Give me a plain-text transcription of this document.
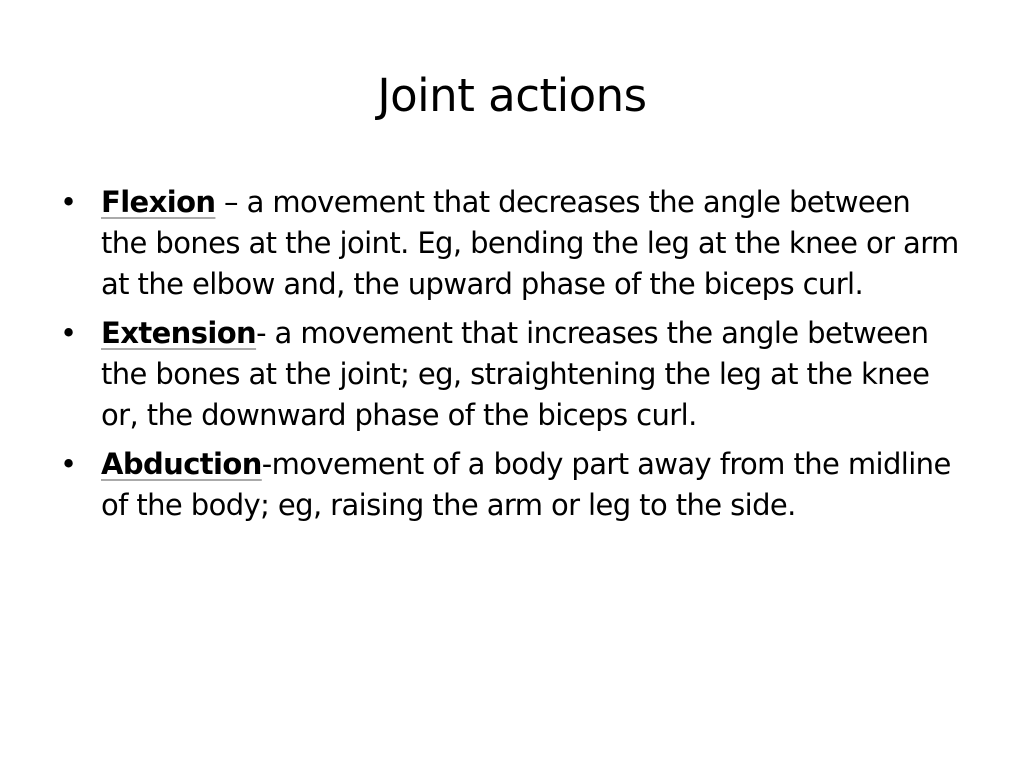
Joint actions
• Flexion – a movement that decreases the angle between the bones at the joint. Eg, bending the leg at the knee or arm at the elbow and, the upward phase of the biceps curl.
• Extension- a movement that increases the angle between the bones at the joint; eg, straightening the leg at the knee or, the downward phase of the biceps curl.
• Abduction-movement of a body part away from the midline of the body; eg, raising the arm or leg to the side.
